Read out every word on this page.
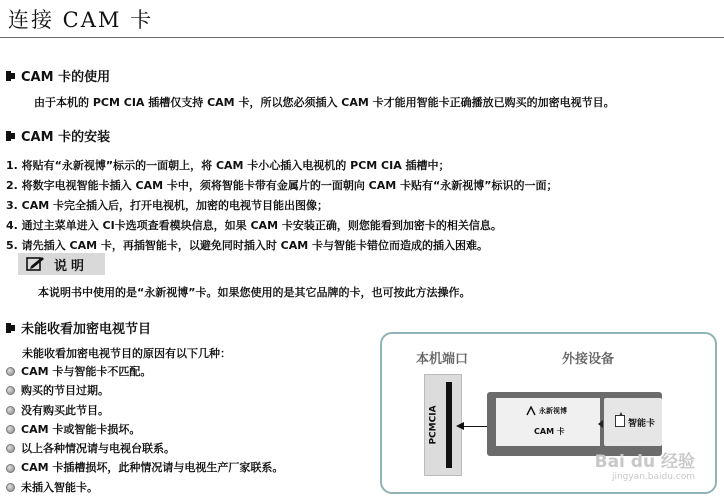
连接 CAM 卡
CAM 卡的使用
由于本机的 PCM CIA 插槽仅支持 CAM 卡，所以您必须插入 CAM 卡才能用智能卡正确播放已购买的加密电视节目。
CAM 卡的安装
1. 将贴有“永新视博”标示的一面朝上，将 CAM 卡小心插入电视机的 PCM CIA 插槽中；
2. 将数字电视智能卡插入 CAM 卡中，须将智能卡带有金属片的一面朝向 CAM 卡贴有“永新视博”标识的一面；
3. CAM 卡完全插入后，打开电视机，加密的电视节目能出图像；
4. 通过主菜单进入 CI卡选项查看模块信息，如果 CAM 卡安装正确，则您能看到加密卡的相关信息。
5. 请先插入 CAM 卡，再插智能卡，以避免同时插入时 CAM 卡与智能卡错位而造成的插入困难。
说明
本说明书中使用的是“永新视博”卡。如果您使用的是其它品牌的卡，也可按此方法操作。
未能收看加密电视节目
未能收看加密电视节目的原因有以下几种：
CAM 卡与智能卡不匹配。
购买的节目过期。
没有购买此节目。
CAM 卡或智能卡损坏。
以上各种情况请与电视台联系。
CAM 卡插槽损坏，此种情况请与电视生产厂家联系。
未插入智能卡。
本机端口	外接设备
PCMCIA	永新视博
CAM 卡
智能卡
Bai du 经验
jingyan.baidu.com
